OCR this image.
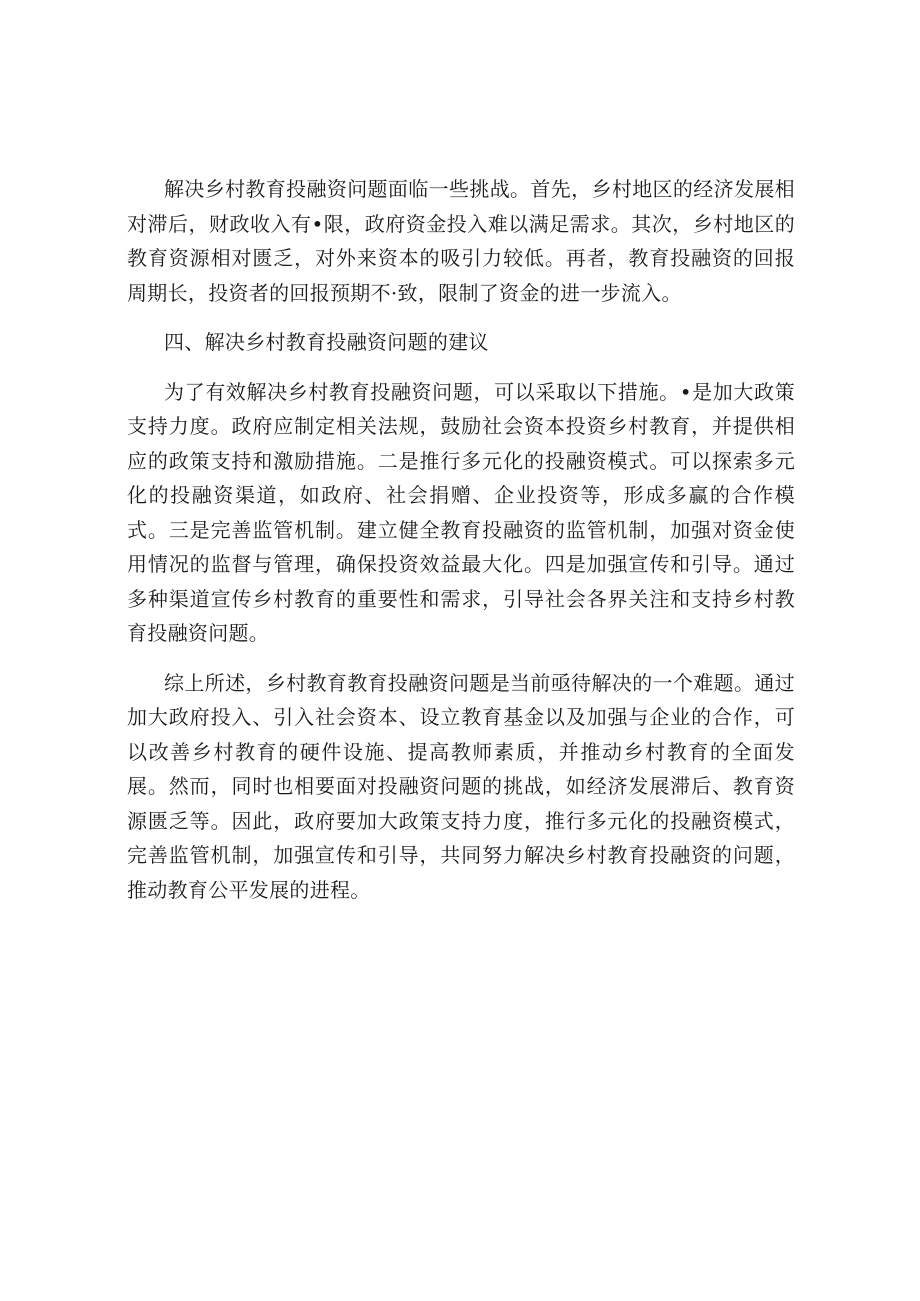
解决乡村教育投融资问题面临一些挑战。首先，乡村地区的经济发展相对滞后，财政收入有•限，政府资金投入难以满足需求。其次，乡村地区的教育资源相对匮乏，对外来资本的吸引力较低。再者，教育投融资的回报周期长，投资者的回报预期不·致，限制了资金的进一步流入。

四、解决乡村教育投融资问题的建议

为了有效解决乡村教育投融资问题，可以采取以下措施。•是加大政策支持力度。政府应制定相关法规，鼓励社会资本投资乡村教育，并提供相应的政策支持和激励措施。二是推行多元化的投融资模式。可以探索多元化的投融资渠道，如政府、社会捐赠、企业投资等，形成多赢的合作模式。三是完善监管机制。建立健全教育投融资的监管机制，加强对资金使用情况的监督与管理，确保投资效益最大化。四是加强宣传和引导。通过多种渠道宣传乡村教育的重要性和需求，引导社会各界关注和支持乡村教育投融资问题。

综上所述，乡村教育教育投融资问题是当前亟待解决的一个难题。通过加大政府投入、引入社会资本、设立教育基金以及加强与企业的合作，可以改善乡村教育的硬件设施、提高教师素质，并推动乡村教育的全面发展。然而，同时也相要面对投融资问题的挑战，如经济发展滞后、教育资源匮乏等。因此，政府要加大政策支持力度，推行多元化的投融资模式，完善监管机制，加强宣传和引导，共同努力解决乡村教育投融资的问题，推动教育公平发展的进程。
